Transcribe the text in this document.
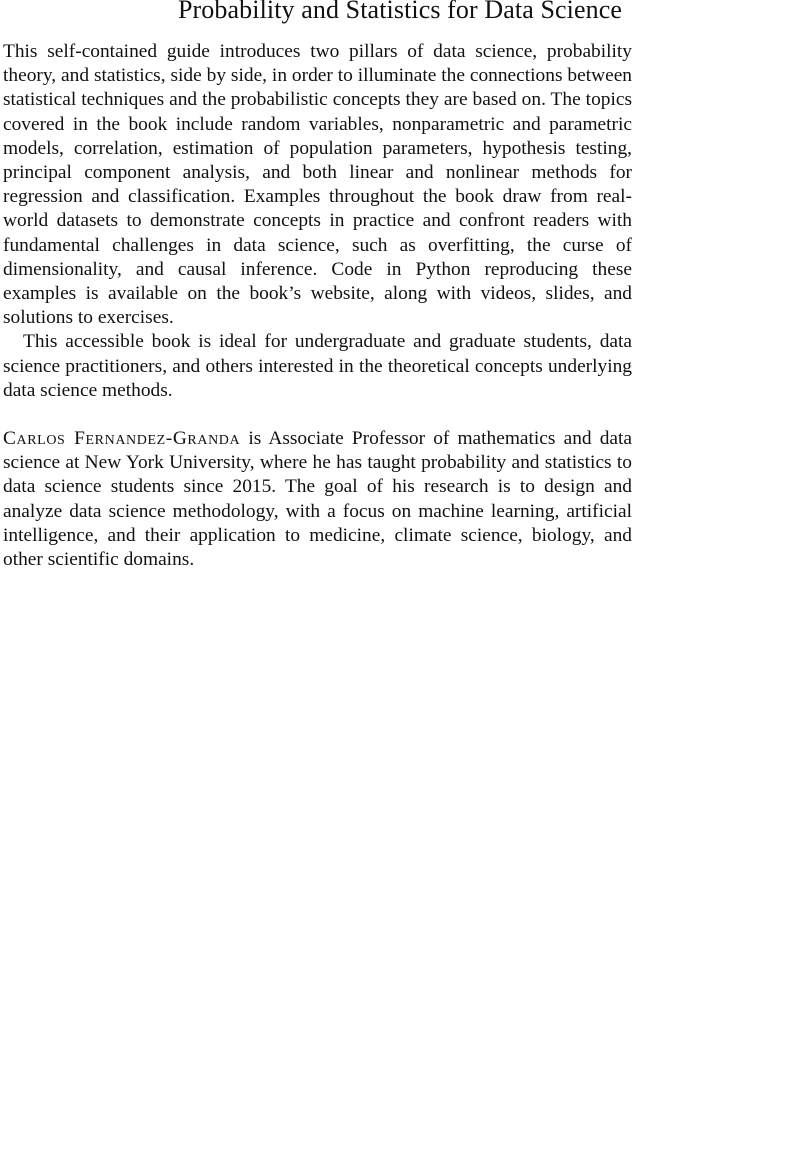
Probability and Statistics for Data Science

This self-contained guide introduces two pillars of data science, probability theory, and statistics, side by side, in order to illuminate the connections between statistical techniques and the probabilistic concepts they are based on. The topics covered in the book include random variables, nonparametric and parametric models, correlation, estimation of population parameters, hypothesis testing, principal component analysis, and both linear and nonlinear methods for regression and classification. Examples throughout the book draw from real-world datasets to demonstrate concepts in practice and confront readers with fundamental challenges in data science, such as overfitting, the curse of dimensionality, and causal inference. Code in Python reproducing these examples is available on the book’s website, along with videos, slides, and solutions to exercises.

This accessible book is ideal for undergraduate and graduate students, data science practitioners, and others interested in the theoretical concepts underlying data science methods.

Carlos Fernandez-Granda is Associate Professor of mathematics and data science at New York University, where he has taught probability and statistics to data science students since 2015. The goal of his research is to design and analyze data science methodology, with a focus on machine learning, artificial intelligence, and their application to medicine, climate science, biology, and other scientific domains.
